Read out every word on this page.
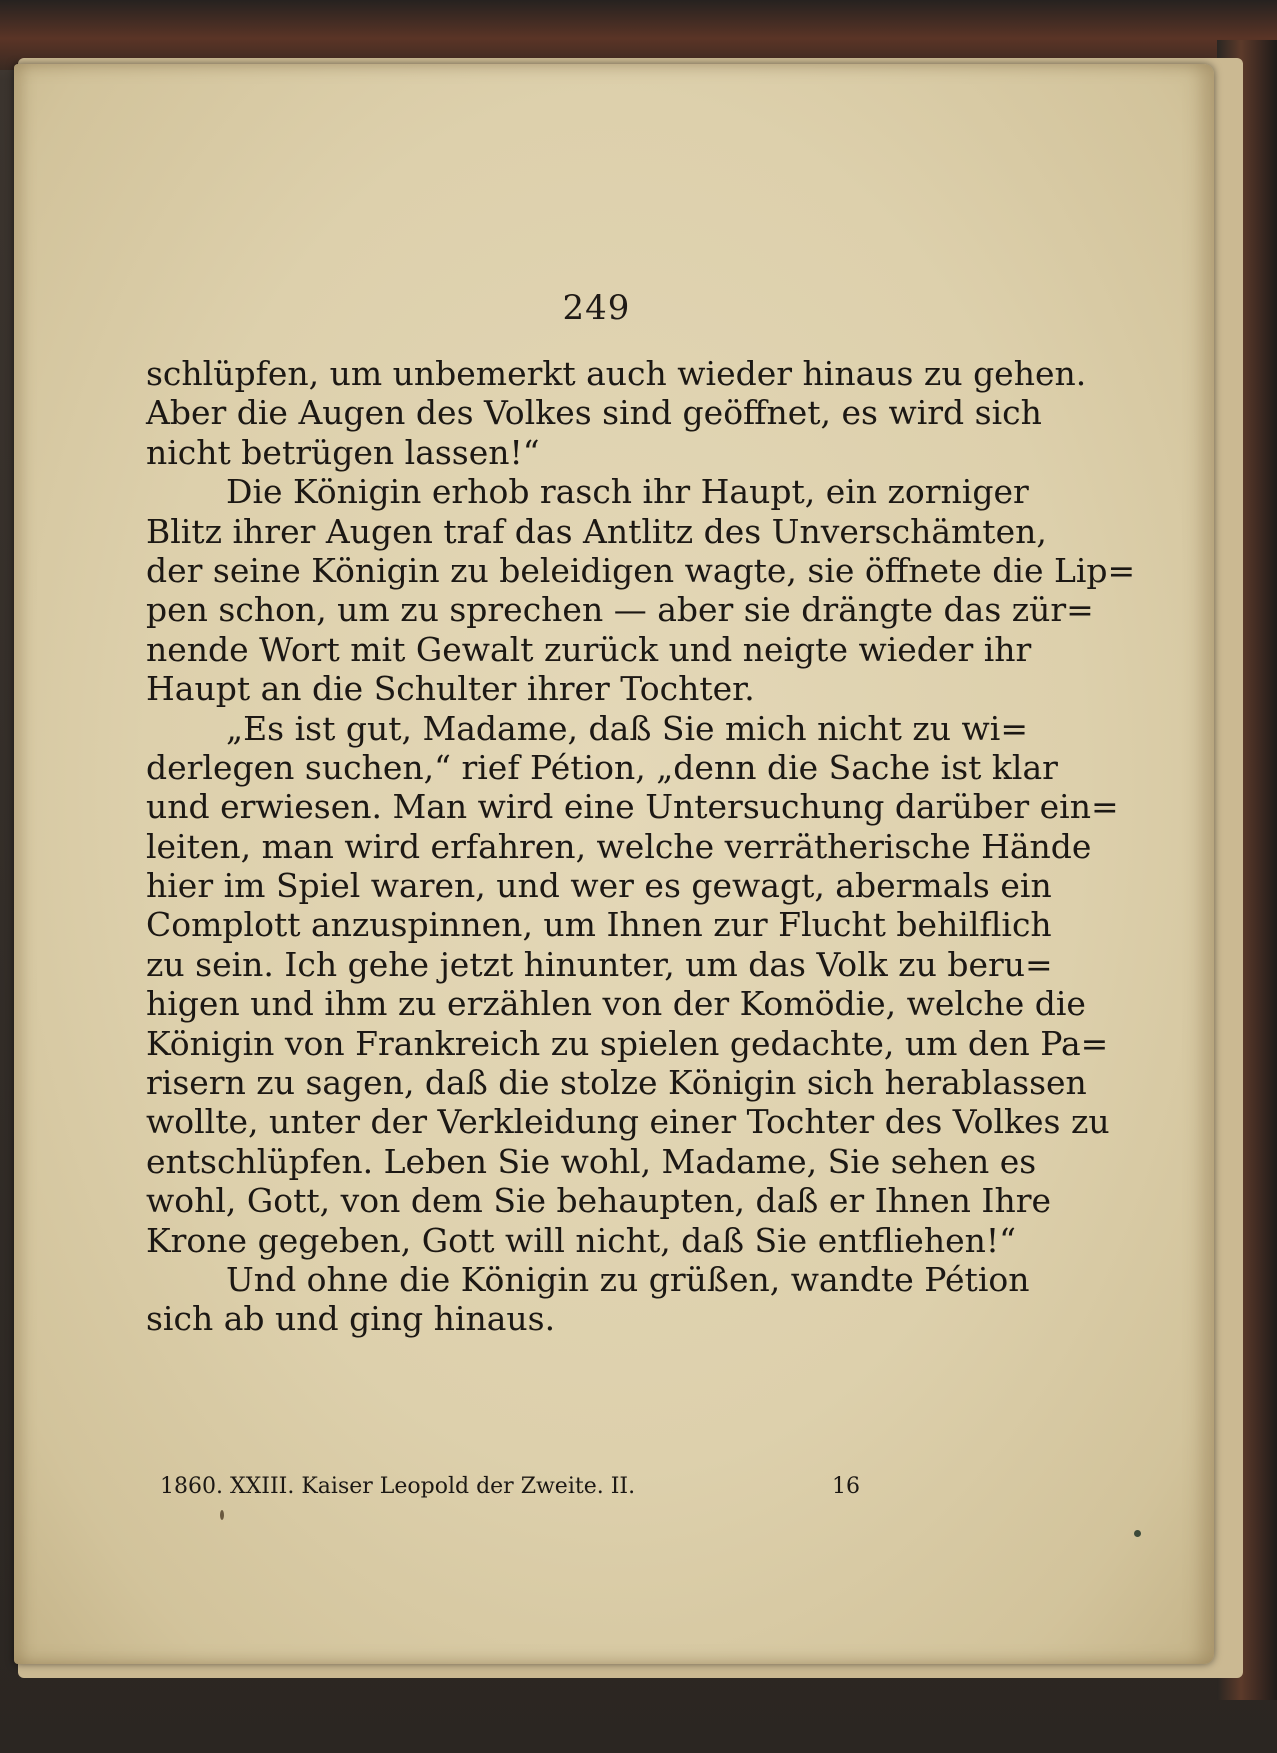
249
schlüpfen, um unbemerkt auch wieder hinaus zu gehen.
Aber die Augen des Volkes sind geöffnet, es wird sich
nicht betrügen lassen!“
Die Königin erhob rasch ihr Haupt, ein zorniger
Blitz ihrer Augen traf das Antlitz des Unverschämten,
der seine Königin zu beleidigen wagte, sie öffnete die Lip=
pen schon, um zu sprechen — aber sie drängte das zür=
nende Wort mit Gewalt zurück und neigte wieder ihr
Haupt an die Schulter ihrer Tochter.
„Es ist gut, Madame, daß Sie mich nicht zu wi=
derlegen suchen,“ rief Pétion, „denn die Sache ist klar
und erwiesen. Man wird eine Untersuchung darüber ein=
leiten, man wird erfahren, welche verrätherische Hände
hier im Spiel waren, und wer es gewagt, abermals ein
Complott anzuspinnen, um Ihnen zur Flucht behilflich
zu sein. Ich gehe jetzt hinunter, um das Volk zu beru=
higen und ihm zu erzählen von der Komödie, welche die
Königin von Frankreich zu spielen gedachte, um den Pa=
risern zu sagen, daß die stolze Königin sich herablassen
wollte, unter der Verkleidung einer Tochter des Volkes zu
entschlüpfen. Leben Sie wohl, Madame, Sie sehen es
wohl, Gott, von dem Sie behaupten, daß er Ihnen Ihre
Krone gegeben, Gott will nicht, daß Sie entfliehen!“
Und ohne die Königin zu grüßen, wandte Pétion
sich ab und ging hinaus.
1860. XXIII. Kaiser Leopold der Zweite. II.	16
